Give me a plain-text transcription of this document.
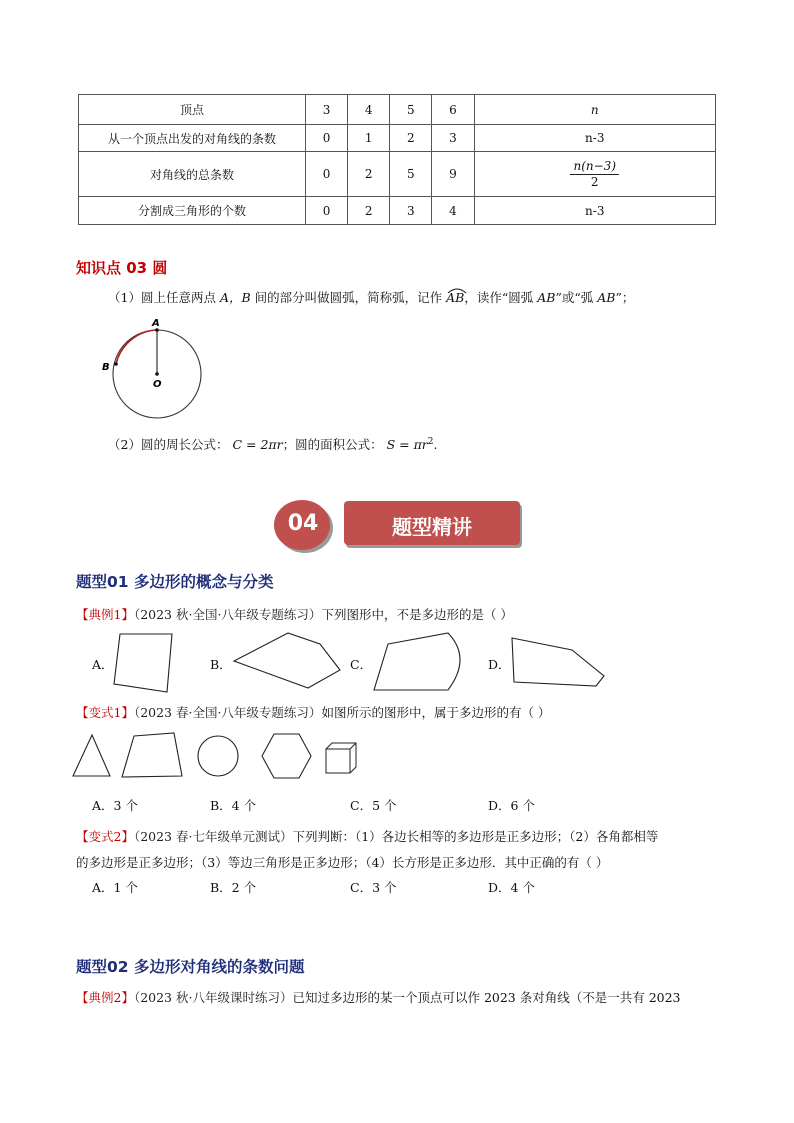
顶点	3	4	5	6	n
从一个顶点出发的对角线的条数	0	1	2	3	n-3
对角线的总条数	0	2	5	9	$\frac{n(n-3)}{2}$

分割成三角形的个数	0	2	3	4	n-3
知识点 03 圆
（1）圆上任意两点 A，B 间的部分叫做圆弧，简称弧，记作 AB，读作“圆弧 AB”或“弧 AB”；
A
B
O
（2）圆的周长公式： C = 2πr；圆的面积公式： $S = \pi r^2$.
04	题型精讲
题型01 多边形的概念与分类
【典例1】（2023 秋·全国·八年级专题练习）下列图形中，不是多边形的是（ ）
A．	B．	C．	D．
【变式1】（2023 春·全国·八年级专题练习）如图所示的图形中，属于多边形的有（ ）
A．3 个	B．4 个	C．5 个	D．6 个
【变式2】（2023 春·七年级单元测试）下列判断：（1）各边长相等的多边形是正多边形；（2）各角都相等
的多边形是正多边形；（3）等边三角形是正多边形；（4）长方形是正多边形．其中正确的有（ ）
A．1 个	B．2 个	C．3 个	D．4 个
题型02 多边形对角线的条数问题
【典例2】（2023 秋·八年级课时练习）已知过多边形的某一个顶点可以作 2023 条对角线（不是一共有 2023
